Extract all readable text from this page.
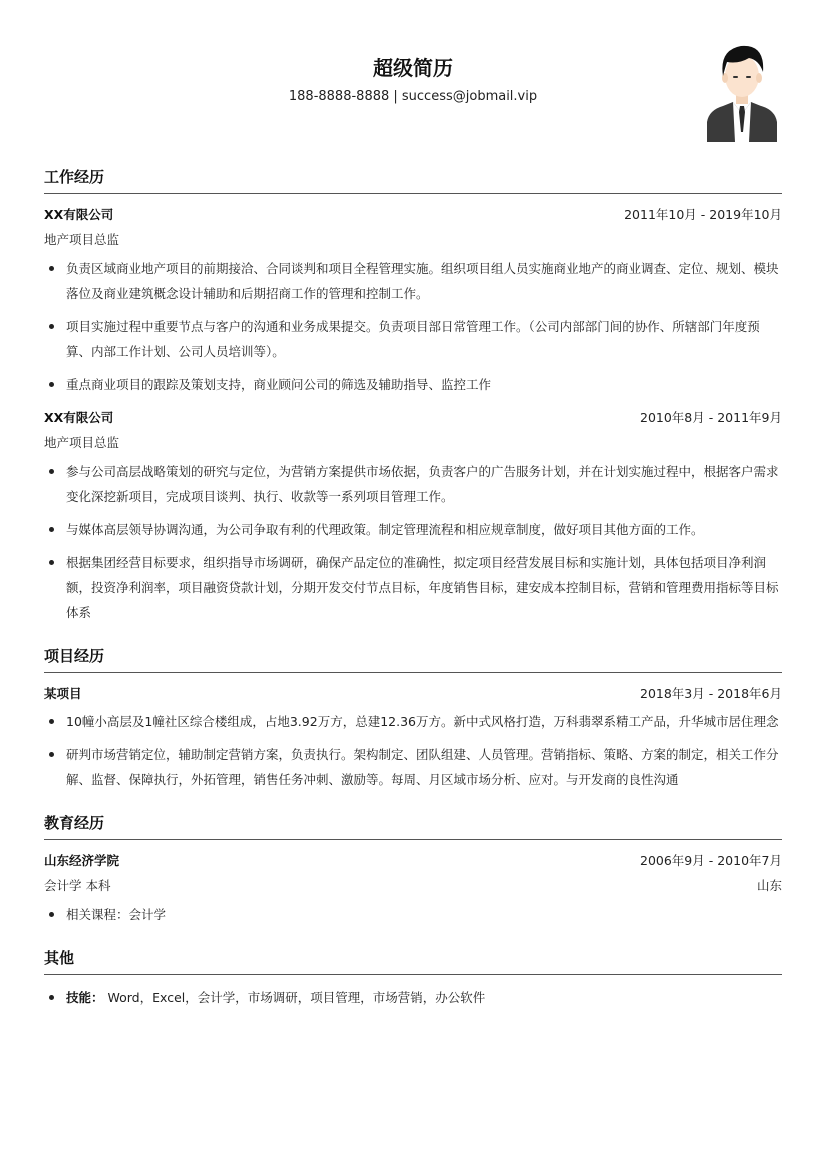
超级简历
188-8888-8888 | success@jobmail.vip
工作经历
XX有限公司	2011年10月 - 2019年10月
地产项目总监
负责区域商业地产项目的前期接洽、合同谈判和项目全程管理实施。组织项目组人员实施商业地产的商业调查、定位、规划、模块落位及商业建筑概念设计辅助和后期招商工作的管理和控制工作。
项目实施过程中重要节点与客户的沟通和业务成果提交。负责项目部日常管理工作。（公司内部部门间的协作、所辖部门年度预算、内部工作计划、公司人员培训等）。
重点商业项目的跟踪及策划支持，商业顾问公司的筛选及辅助指导、监控工作
XX有限公司	2010年8月 - 2011年9月
地产项目总监
参与公司高层战略策划的研究与定位，为营销方案提供市场依据，负责客户的广告服务计划，并在计划实施过程中，根据客户需求变化深挖新项目，完成项目谈判、执行、收款等一系列项目管理工作。
与媒体高层领导协调沟通，为公司争取有利的代理政策。制定管理流程和相应规章制度，做好项目其他方面的工作。
根据集团经营目标要求，组织指导市场调研，确保产品定位的准确性，拟定项目经营发展目标和实施计划，具体包括项目净利润额，投资净利润率，项目融资贷款计划，分期开发交付节点目标，年度销售目标，建安成本控制目标，营销和管理费用指标等目标体系
项目经历
某项目	2018年3月 - 2018年6月
10幢小高层及1幢社区综合楼组成，占地3.92万方，总建12.36万方。新中式风格打造，万科翡翠系精工产品，升华城市居住理念
研判市场营销定位，辅助制定营销方案，负责执行。架构制定、团队组建、人员管理。营销指标、策略、方案的制定，相关工作分解、监督、保障执行，外拓管理，销售任务冲刺、激励等。每周、月区域市场分析、应对。与开发商的良性沟通
教育经历
山东经济学院	2006年9月 - 2010年7月
会计学 本科	山东
相关课程：会计学
其他
技能： Word，Excel，会计学，市场调研，项目管理，市场营销，办公软件
